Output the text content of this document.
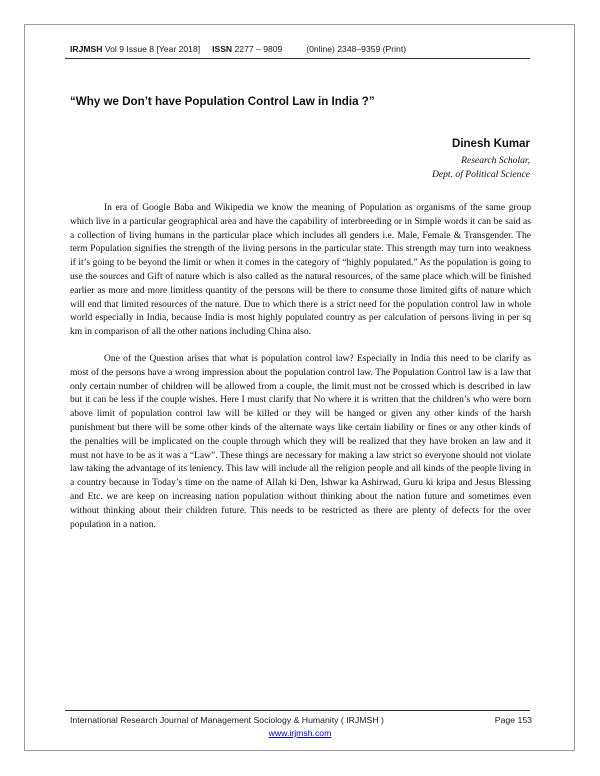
IRJMSH Vol 9 Issue 8 [Year 2018] ISSN 2277 – 9809	(0nline) 2348–9359 (Print)
“Why we Don’t have Population Control Law in India ?”
Dinesh Kumar
Research Scholar,
Dept. of Political Science

In era of Google Baba and Wikipedia we know the meaning of Population as organisms of the same group which live in a particular geographical area and have the capability of interbreeding or in Simple words it can be said as a collection of living humans in the particular place which includes all genders i.e. Male, Female & Transgender. The term Population signifies the strength of the living persons in the particular state. This strength may turn into weakness if it’s going to be beyond the limit or when it comes in the category of “highly populated.” As the population is going to use the sources and Gift of nature which is also called as the natural resources, of the same place which will be finished earlier as more and more limitless quantity of the persons will be there to consume those limited gifts of nature which will end that limited resources of the nature. Due to which there is a strict need for the population control law in whole world especially in India, because India is most highly populated country as per calculation of persons living in per sq km in comparison of all the other nations including China also.

One of the Question arises that what is population control law? Especially in India this need to be clarify as most of the persons have a wrong impression about the population control law. The Population Control law is a law that only certain number of children will be allowed from a couple, the limit must not be crossed which is described in law but it can be less if the couple wishes. Here I must clarify that No where it is written that the children’s who were born above limit of population control law will be killed or they will be hanged or given any other kinds of the harsh punishment but there will be some other kinds of the alternate ways like certain liability or fines or any other kinds of the penalties will be implicated on the couple through which they will be realized that they have broken an law and it must not have to be as it was a “Law”. These things are necessary for making a law strict so everyone should not violate law taking the advantage of its leniency. This law will include all the religion people and all kinds of the people living in a country because in Today’s time on the name of Allah ki Den, Ishwar ka Ashirwad, Guru ki kripa and Jesus Blessing and Etc. we are keep on increasing nation population without thinking about the nation future and sometimes even without thinking about their children future. This needs to be restricted as there are plenty of defects for the over population in a nation.

International Research Journal of Management Sociology & Humanity ( IRJMSH )	Page 153
www.irjmsh.com
